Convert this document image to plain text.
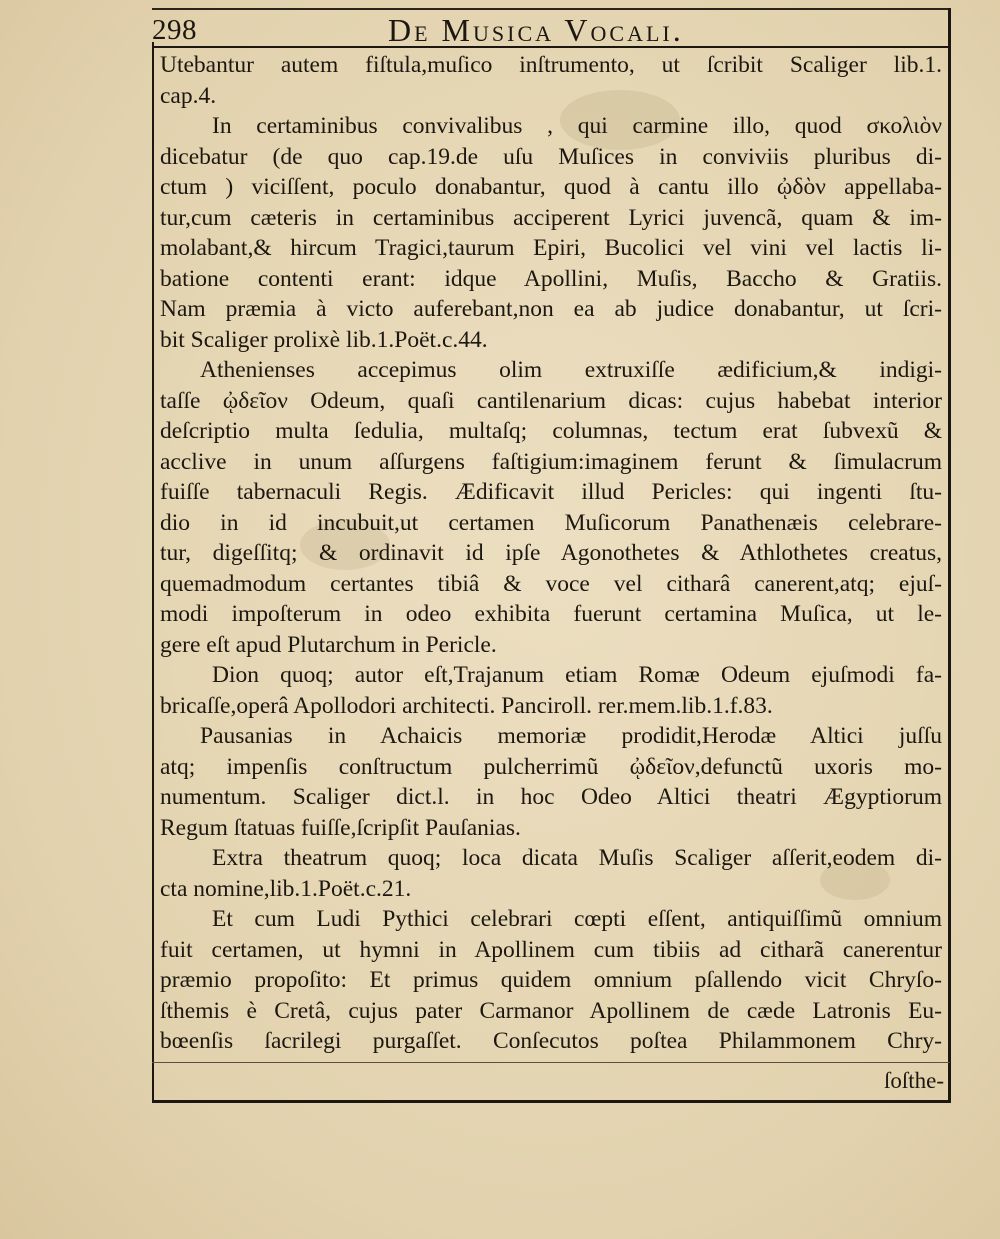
298	De Musica Vocali.
Utebantur autem fiſtula,muſico inſtrumento, ut ſcribit Scaliger lib.1.
cap.4.
In certaminibus convivalibus , qui carmine illo, quod σκολιὸν
dicebatur (de quo cap.19.de uſu Muſices in conviviis pluribus di-
ctum ) viciſſent, poculo donabantur, quod à cantu illo ᾠδὸν appellaba-
tur,cum cæteris in certaminibus acciperent Lyrici juvencã, quam & im-
molabant,& hircum Tragici,taurum Epiri, Bucolici vel vini vel lactis li-
batione contenti erant: idque Apollini, Muſis, Baccho & Gratiis.
Nam præmia à victo auferebant,non ea ab judice donabantur, ut ſcri-
bit Scaliger prolixè lib.1.Poët.c.44.
Athenienses accepimus olim extruxiſſe ædificium,& indigi-
taſſe ᾠδεῖον Odeum, quaſi cantilenarium dicas: cujus habebat interior
deſcriptio multa ſedulia, multaſq; columnas, tectum erat ſubvexũ &
acclive in unum aſſurgens faſtigium:imaginem ferunt & ſimulacrum
fuiſſe tabernaculi Regis. Ædificavit illud Pericles: qui ingenti ſtu-
dio in id incubuit,ut certamen Muſicorum Panathenæis celebrare-
tur, digeſſitq; & ordinavit id ipſe Agonothetes & Athlothetes creatus,
quemadmodum certantes tibiâ & voce vel citharâ canerent,atq; ejuſ-
modi impoſterum in odeo exhibita fuerunt certamina Muſica, ut le-
gere eſt apud Plutarchum in Pericle.
Dion quoq; autor eſt,Trajanum etiam Romæ Odeum ejuſmodi fa-
bricaſſe,operâ Apollodori architecti. Panciroll. rer.mem.lib.1.f.83.
Pausanias in Achaicis memoriæ prodidit,Herodæ Altici juſſu
atq; impenſis conſtructum pulcherrimũ ᾠδεῖον,defunctũ uxoris mo-
numentum. Scaliger dict.l. in hoc Odeo Altici theatri Ægyptiorum
Regum ſtatuas fuiſſe,ſcripſit Pauſanias.
Extra theatrum quoq; loca dicata Muſis Scaliger aſſerit,eodem di-
cta nomine,lib.1.Poët.c.21.
Et cum Ludi Pythici celebrari cœpti eſſent, antiquiſſimũ omnium
fuit certamen, ut hymni in Apollinem cum tibiis ad citharã canerentur
præmio propoſito: Et primus quidem omnium pſallendo vicit Chryſo-
ſthemis è Cretâ, cujus pater Carmanor Apollinem de cæde Latronis Eu-
bœenſis ſacrilegi purgaſſet. Conſecutos poſtea Philammonem Chry-
ſoſthe-
